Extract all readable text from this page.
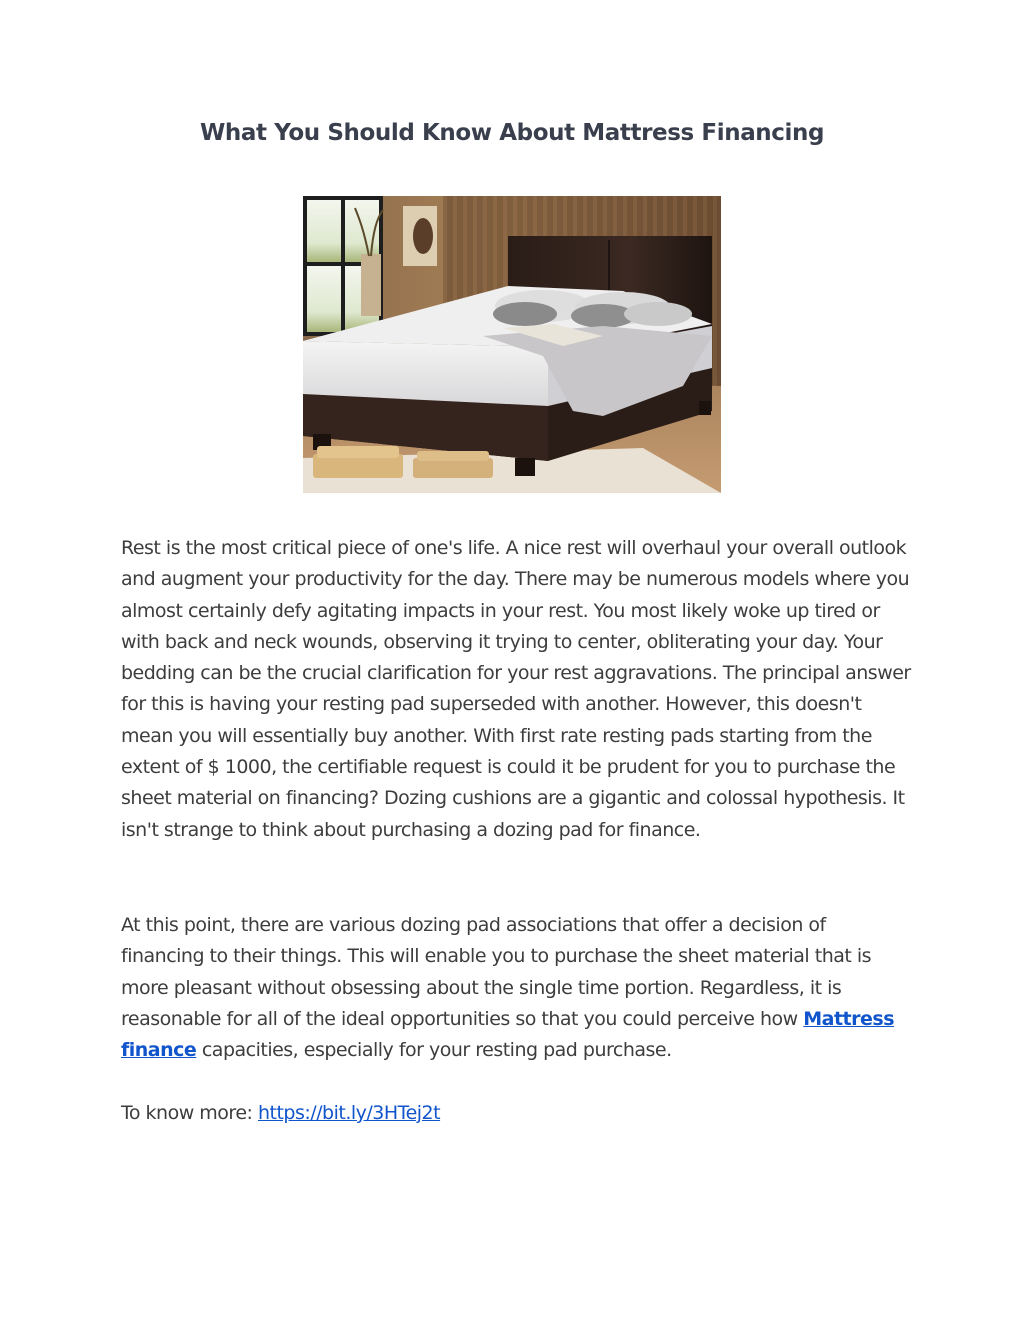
What You Should Know About Mattress Financing

Rest is the most critical piece of one's life. A nice rest will overhaul your overall outlook and augment your productivity for the day. There may be numerous models where you almost certainly defy agitating impacts in your rest. You most likely woke up tired or with back and neck wounds, observing it trying to center, obliterating your day. Your bedding can be the crucial clarification for your rest aggravations. The principal answer for this is having your resting pad superseded with another. However, this doesn't mean you will essentially buy another. With first rate resting pads starting from the extent of $ 1000, the certifiable request is could it be prudent for you to purchase the sheet material on financing? Dozing cushions are a gigantic and colossal hypothesis. It isn't strange to think about purchasing a dozing pad for finance.

At this point, there are various dozing pad associations that offer a decision of financing to their things. This will enable you to purchase the sheet material that is more pleasant without obsessing about the single time portion. Regardless, it is reasonable for all of the ideal opportunities so that you could perceive how Mattress finance capacities, especially for your resting pad purchase.

To know more: https://bit.ly/3HTej2t
